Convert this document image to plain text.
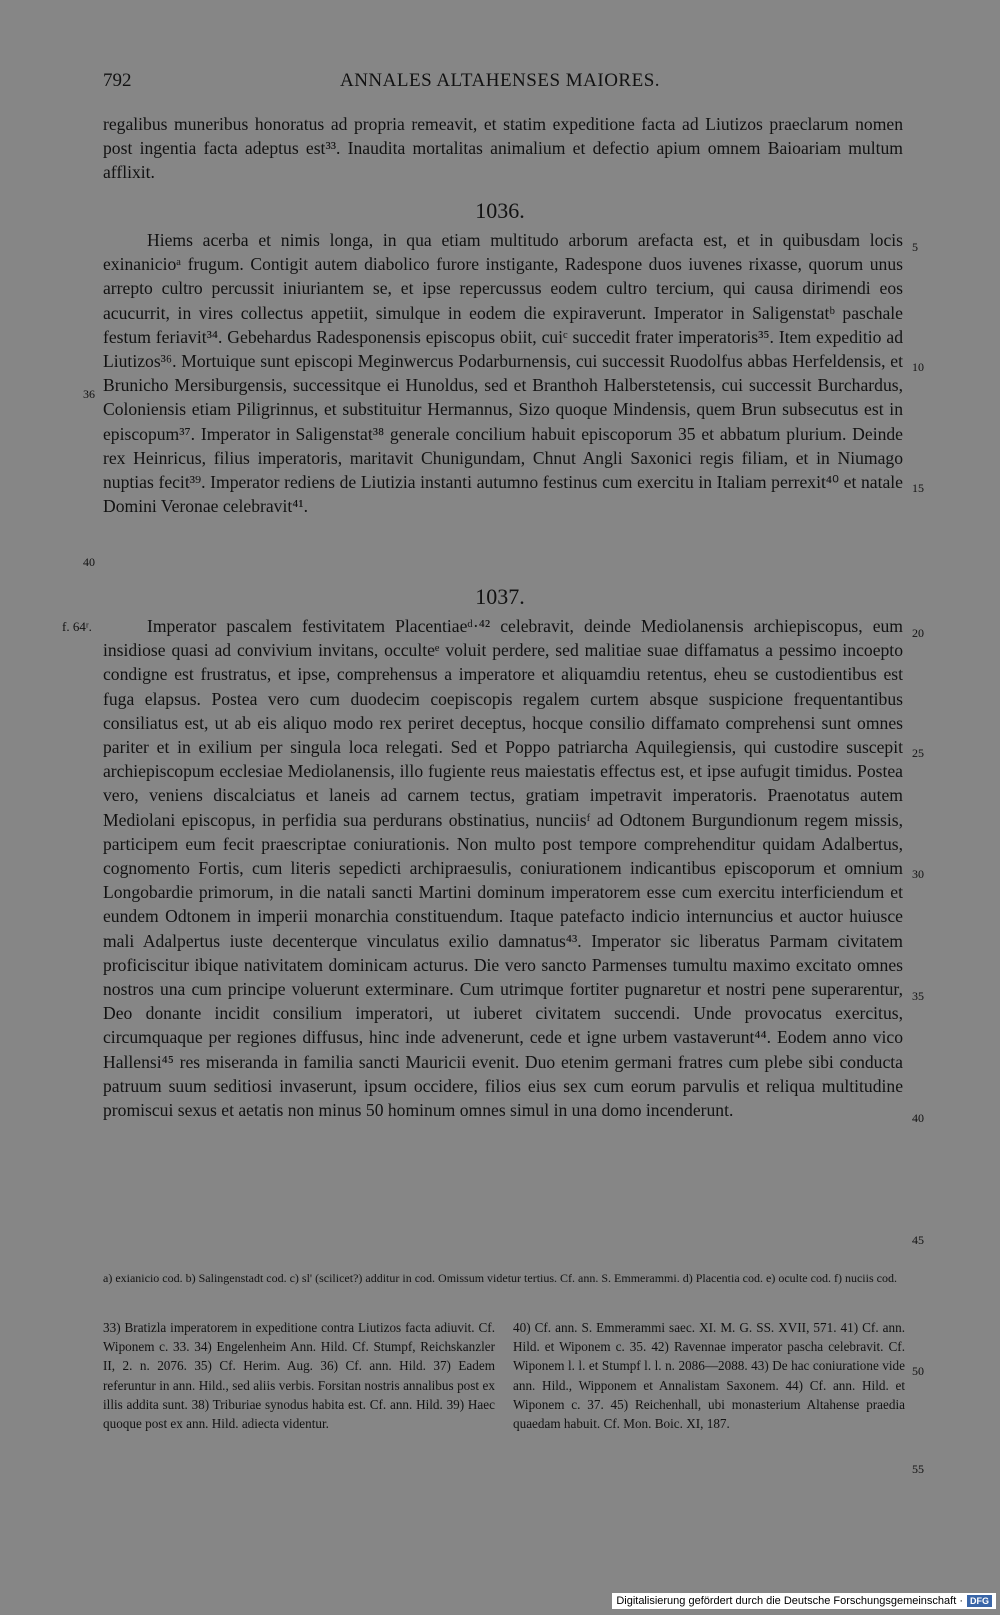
792	ANNALES ALTAHENSES MAIORES.

regalibus muneribus honoratus ad propria remeavit, et statim expeditione facta ad Liutizos praeclarum nomen post ingentia facta adeptus est³³. Inaudita mortalitas animalium et defectio apium omnem Baioariam multum afflixit.

1036.

Hiems acerba et nimis longa, in qua etiam multitudo arborum arefacta est, et in quibusdam locis exinanicioᵃ frugum. Contigit autem diabolico furore instigante, Radespone duos iuvenes rixasse, quorum unus arrepto cultro percussit iniuriantem se, et ipse repercussus eodem cultro tercium, qui causa dirimendi eos acucurrit, in vires collectus appetiit, simulque in eodem die expiraverunt. Imperator in Saligenstatᵇ paschale festum feriavit³⁴. Gebehardus Radesponensis episcopus obiit, cuiᶜ succedit frater imperatoris³⁵. Item expeditio ad Liutizos³⁶. Mortuique sunt episcopi Meginwercus Podarburnensis, cui successit Ruodolfus abbas Herfeldensis, et Brunicho Mersiburgensis, successitque ei Hunoldus, sed et Branthoh Halberstetensis, cui successit Burchardus, Coloniensis etiam Piligrinnus, et substituitur Hermannus, Sizo quoque Mindensis, quem Brun subsecutus est in episcopum³⁷. Imperator in Saligenstat³⁸ generale concilium habuit episcoporum 35 et abbatum plurium. Deinde rex Heinricus, filius imperatoris, maritavit Chunigundam, Chnut Angli Saxonici regis filiam, et in Niumago nuptias fecit³⁹. Imperator rediens de Liutizia instanti autumno festinus cum exercitu in Italiam perrexit⁴⁰ et natale Domini Veronae celebravit⁴¹.

1037.
f. 64ʳ.	Imperator pascalem festivitatem Placentiaeᵈ·⁴² celebravit, deinde Mediolanensis archiepiscopus, eum insidiose quasi ad convivium invitans, occulteᵉ voluit perdere, sed malitiae suae diffamatus a pessimo incoepto condigne est frustratus, et ipse, comprehensus a imperatore et aliquamdiu retentus, eheu se custodientibus est fuga elapsus. Postea vero cum duodecim coepiscopis regalem curtem absque suspicione frequentantibus consiliatus est, ut ab eis aliquo modo rex periret deceptus, hocque consilio diffamato comprehensi sunt omnes pariter et in exilium per singula loca relegati. Sed et Poppo patriarcha Aquilegiensis, qui custodire suscepit archiepiscopum ecclesiae Mediolanensis, illo fugiente reus maiestatis effectus est, et ipse aufugit timidus. Postea vero, veniens discalciatus et laneis ad carnem tectus, gratiam impetravit imperatoris. Praenotatus autem Mediolani episcopus, in perfidia sua perdurans obstinatius, nunciisᶠ ad Odtonem Burgundionum regem missis, participem eum fecit praescriptae coniurationis. Non multo post tempore comprehenditur quidam Adalbertus, cognomento Fortis, cum literis sepedicti archipraesulis, coniurationem indicantibus episcoporum et omnium Longobardie primorum, in die natali sancti Martini dominum imperatorem esse cum exercitu interficiendum et eundem Odtonem in imperii monarchia constituendum. Itaque patefacto indicio internuncius et auctor huiusce mali Adalpertus iuste decenterque vinculatus exilio damnatus⁴³. Imperator sic liberatus Parmam civitatem proficiscitur ibique nativitatem dominicam acturus. Die vero sancto Parmenses tumultu maximo excitato omnes nostros una cum principe voluerunt exterminare. Cum utrimque fortiter pugnaretur et nostri pene superarentur, Deo donante incidit consilium imperatori, ut iuberet civitatem succendi. Unde provocatus exercitus, circumquaque per regiones diffusus, hinc inde advenerunt, cede et igne urbem vastaverunt⁴⁴. Eodem anno vico Hallensi⁴⁵ res miseranda in familia sancti Mauricii evenit. Duo etenim germani fratres cum plebe sibi conducta patruum suum seditiosi invaserunt, ipsum occidere, filios eius sex cum eorum parvulis et reliqua multitudine promiscui sexus et aetatis non minus 50 hominum omnes simul in una domo incenderunt.

5
10
15
20
25
30
35
40
45
50
55
36
40

a) exianicio cod. b) Salingenstadt cod. c) sl' (scilicet?) additur in cod. Omissum videtur tertius. Cf. ann. S. Emmerammi. d) Placentia cod. e) oculte cod. f) nuciis cod.

33) Bratizla imperatorem in expeditione contra Liutizos facta adiuvit. Cf. Wiponem c. 33. 34) Engelenheim Ann. Hild. Cf. Stumpf, Reichskanzler II, 2. n. 2076. 35) Cf. Herim. Aug. 36) Cf. ann. Hild. 37) Eadem referuntur in ann. Hild., sed aliis verbis. Forsitan nostris annalibus post ex illis addita sunt. 38) Triburiae synodus habita est. Cf. ann. Hild. 39) Haec quoque post ex ann. Hild. adiecta videntur.

40) Cf. ann. S. Emmerammi saec. XI. M. G. SS. XVII, 571. 41) Cf. ann. Hild. et Wiponem c. 35. 42) Ravennae imperator pascha celebravit. Cf. Wiponem l. l. et Stumpf l. l. n. 2086—2088. 43) De hac coniuratione vide ann. Hild., Wipponem et Annalistam Saxonem. 44) Cf. ann. Hild. et Wiponem c. 37. 45) Reichenhall, ubi monasterium Altahense praedia quaedam habuit. Cf. Mon. Boic. XI, 187.

Digitalisierung gefördert durch die Deutsche Forschungsgemeinschaft · DFG
